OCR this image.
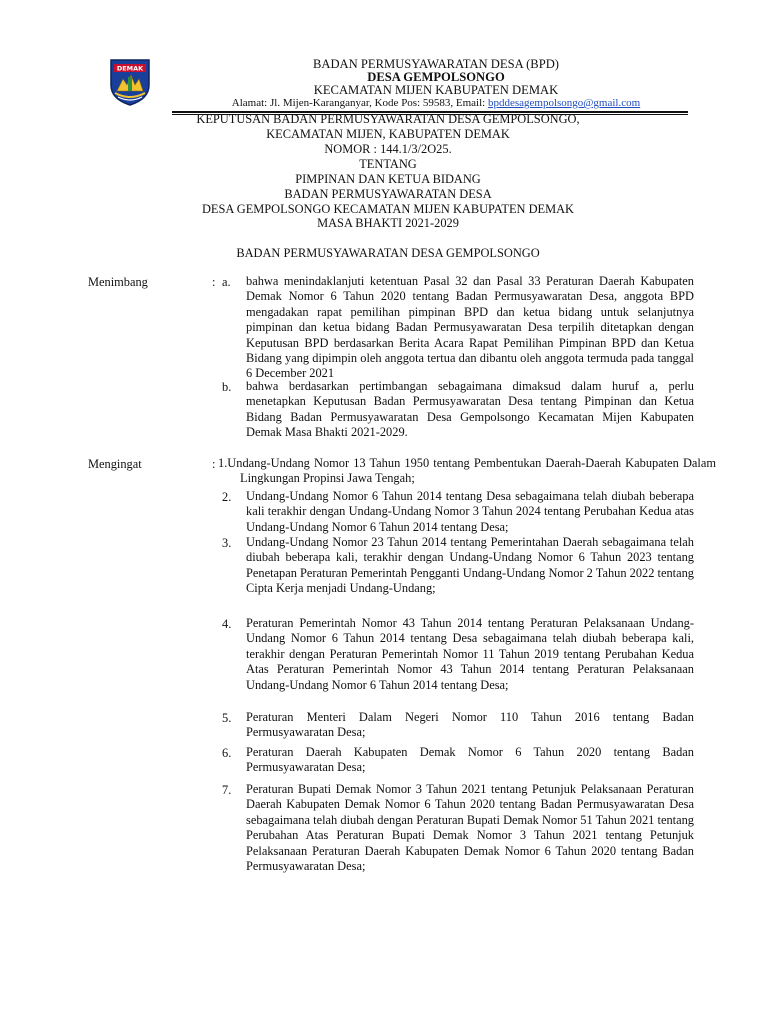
DEMAK	BADAN PERMUSYAWARATAN DESA (BPD)
DESA GEMPOLSONGO
KECAMATAN MIJEN KABUPATEN DEMAK
Alamat: Jl. Mijen-Karanganyar, Kode Pos: 59583, Email: bpddesagempolsongo@gmail.com
KEPUTUSAN BADAN PERMUSYAWARATAN DESA GEMPOLSONGO,
KECAMATAN MIJEN, KABUPATEN DEMAK
NOMOR : 144.1/3/2O25.
TENTANG
PIMPINAN DAN KETUA BIDANG
BADAN PERMUSYAWARATAN DESA
DESA GEMPOLSONGO KECAMATAN MIJEN KABUPATEN DEMAK
MASA BHAKTI 2021-2029
BADAN PERMUSYAWARATAN DESA GEMPOLSONGO
Menimbang	: a. bahwa menindaklanjuti ketentuan Pasal 32 dan Pasal 33 Peraturan Daerah Kabupaten Demak Nomor 6 Tahun 2020 tentang Badan Permusyawaratan Desa, anggota BPD mengadakan rapat pemilihan pimpinan BPD dan ketua bidang untuk selanjutnya pimpinan dan ketua bidang Badan Permusyawaratan Desa terpilih ditetapkan dengan Keputusan BPD berdasarkan Berita Acara Rapat Pemilihan Pimpinan BPD dan Ketua Bidang yang dipimpin oleh anggota tertua dan dibantu oleh anggota termuda pada tanggal 6 December 2021
b. bahwa berdasarkan pertimbangan sebagaimana dimaksud dalam huruf a, perlu menetapkan Keputusan Badan Permusyawaratan Desa tentang Pimpinan dan Ketua Bidang Badan Permusyawaratan Desa Gempolsongo Kecamatan Mijen Kabupaten Demak Masa Bhakti 2021-2029.
Mengingat	: 1.Undang-Undang Nomor 13 Tahun 1950 tentang Pembentukan Daerah-Daerah Kabupaten Dalam Lingkungan Propinsi Jawa Tengah;
2. Undang-Undang Nomor 6 Tahun 2014 tentang Desa sebagaimana telah diubah beberapa kali terakhir dengan Undang-Undang Nomor 3 Tahun 2024 tentang Perubahan Kedua atas Undang-Undang Nomor 6 Tahun 2014 tentang Desa;
3. Undang-Undang Nomor 23 Tahun 2014 tentang Pemerintahan Daerah sebagaimana telah diubah beberapa kali, terakhir dengan Undang-Undang Nomor 6 Tahun 2023 tentang Penetapan Peraturan Pemerintah Pengganti Undang-Undang Nomor 2 Tahun 2022 tentang Cipta Kerja menjadi Undang-Undang;
4. Peraturan Pemerintah Nomor 43 Tahun 2014 tentang Peraturan Pelaksanaan Undang-Undang Nomor 6 Tahun 2014 tentang Desa sebagaimana telah diubah beberapa kali, terakhir dengan Peraturan Pemerintah Nomor 11 Tahun 2019 tentang Perubahan Kedua Atas Peraturan Pemerintah Nomor 43 Tahun 2014 tentang Peraturan Pelaksanaan Undang-Undang Nomor 6 Tahun 2014 tentang Desa;
5. Peraturan Menteri Dalam Negeri Nomor 110 Tahun 2016 tentang Badan Permusyawaratan Desa;
6. Peraturan Daerah Kabupaten Demak Nomor 6 Tahun 2020 tentang Badan Permusyawaratan Desa;
7. Peraturan Bupati Demak Nomor 3 Tahun 2021 tentang Petunjuk Pelaksanaan Peraturan Daerah Kabupaten Demak Nomor 6 Tahun 2020 tentang Badan Permusyawaratan Desa sebagaimana telah diubah dengan Peraturan Bupati Demak Nomor 51 Tahun 2021 tentang Perubahan Atas Peraturan Bupati Demak Nomor 3 Tahun 2021 tentang Petunjuk Pelaksanaan Peraturan Daerah Kabupaten Demak Nomor 6 Tahun 2020 tentang Badan Permusyawaratan Desa;
